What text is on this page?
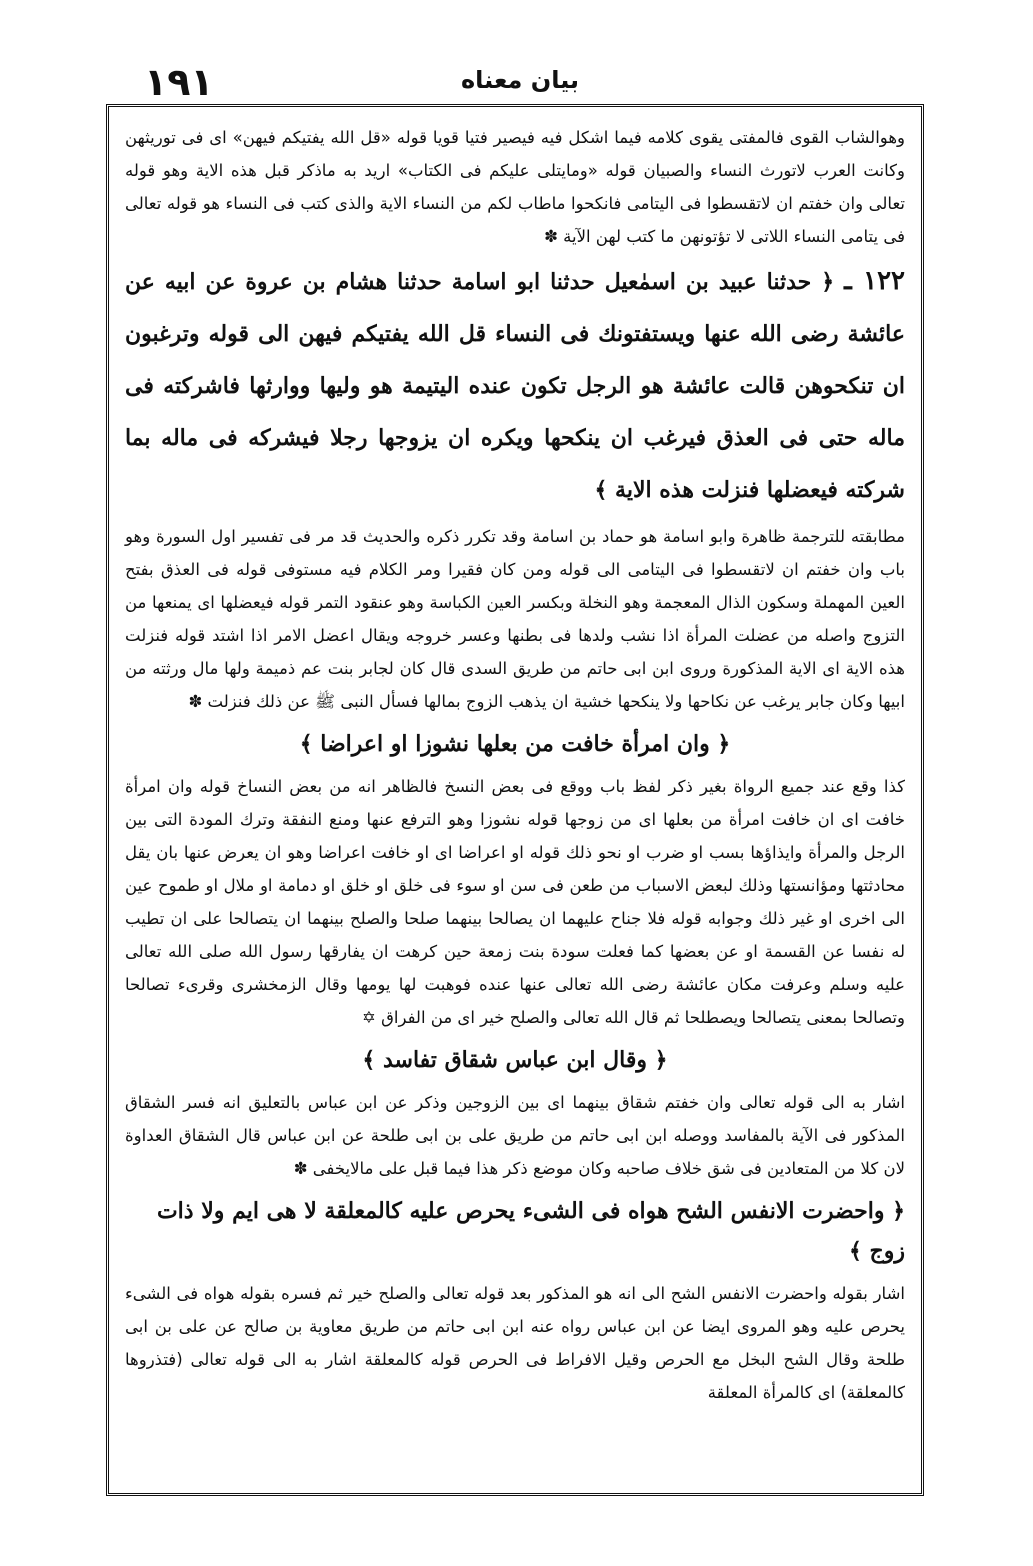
١٩١	بيان معناه

وهوالشاب القوی فالمفتی يقوی كلامه فيما اشكل فيه فيصير فتيا قويا قوله «قل الله يفتيكم فيهن» ای فی توريثهن وكانت العرب لاتورث النساء والصبيان قوله «ومايتلی عليكم فی الكتاب» اريد به ماذكر قبل هذه الاية وهو قوله تعالی وان خفتم ان لاتقسطوا فی اليتامی فانكحوا ماطاب لكم من النساء الاية والذی كتب فی النساء هو قوله تعالی فی يتامی النساء اللاتی لا تؤتونهن ما كتب لهن الآية ✽

١٢٢ ـ ﴿ حدثنا عبيد بن اسمٰعيل حدثنا ابو اسامة حدثنا هشام بن عروة عن ابيه عن عائشة رضی الله عنها ويستفتونك فی النساء قل الله يفتيكم فيهن الی قوله وترغبون ان تنكحوهن قالت عائشة هو الرجل تكون عنده اليتيمة هو وليها ووارثها فاشركته فی ماله حتی فی العذق فيرغب ان ينكحها ويكره ان يزوجها رجلا فيشركه فی ماله بما شركته فيعضلها فنزلت هذه الاية ﴾

مطابقته للترجمة ظاهرة وابو اسامة هو حماد بن اسامة وقد تكرر ذكره والحديث قد مر فی تفسير اول السورة وهو باب وان خفتم ان لاتقسطوا فی اليتامی الی قوله ومن كان فقيرا ومر الكلام فيه مستوفی قوله فی العذق بفتح العين المهملة وسكون الذال المعجمة وهو النخلة وبكسر العين الكباسة وهو عنقود التمر قوله فيعضلها ای يمنعها من التزوج واصله من عضلت المرأة اذا نشب ولدها فی بطنها وعسر خروجه ويقال اعضل الامر اذا اشتد قوله فنزلت هذه الاية ای الاية المذكورة وروی ابن ابی حاتم من طريق السدی قال كان لجابر بنت عم ذميمة ولها مال ورثته من ابيها وكان جابر يرغب عن نكاحها ولا ينكحها خشية ان يذهب الزوج بمالها فسأل النبی ﷺ عن ذلك فنزلت ✽

﴿ وان امرأة خافت من بعلها نشوزا او اعراضا ﴾

كذا وقع عند جميع الرواة بغير ذكر لفظ باب ووقع فی بعض النسخ فالظاهر انه من بعض النساخ قوله وان امرأة خافت ای ان خافت امرأة من بعلها ای من زوجها قوله نشوزا وهو الترفع عنها ومنع النفقة وترك المودة التی بين الرجل والمرأة وايذاؤها بسب او ضرب او نحو ذلك قوله او اعراضا ای او خافت اعراضا وهو ان يعرض عنها بان يقل محادثتها ومؤانستها وذلك لبعض الاسباب من طعن فی سن او سوء فی خلق او خلق او دمامة او ملال او طموح عين الی اخری او غير ذلك وجوابه قوله فلا جناح عليهما ان يصالحا بينهما صلحا والصلح بينهما ان يتصالحا علی ان تطيب له نفسا عن القسمة او عن بعضها كما فعلت سودة بنت زمعة حين كرهت ان يفارقها رسول الله صلی الله تعالی عليه وسلم وعرفت مكان عائشة رضی الله تعالی عنها عنده فوهبت لها يومها وقال الزمخشری وقریء تصالحا وتصالحا بمعنی يتصالحا ويصطلحا ثم قال الله تعالی والصلح خير ای من الفراق ✡

﴿ وقال ابن عباس شقاق تفاسد ﴾

اشار به الی قوله تعالی وان خفتم شقاق بينهما ای بين الزوجين وذكر عن ابن عباس بالتعليق انه فسر الشقاق المذكور فی الآية بالمفاسد ووصله ابن ابی حاتم من طريق علی بن ابی طلحة عن ابن عباس قال الشقاق العداوة لان كلا من المتعادين فی شق خلاف صاحبه وكان موضع ذكر هذا فيما قبل علی مالايخفی ✽

﴿ واحضرت الانفس الشح هواه فی الشیء يحرص عليه كالمعلقة لا هی ايم ولا ذات زوج ﴾

اشار بقوله واحضرت الانفس الشح الی انه هو المذكور بعد قوله تعالی والصلح خير ثم فسره بقوله هواه فی الشیء يحرص عليه وهو المروی ايضا عن ابن عباس رواه عنه ابن ابی حاتم من طريق معاوية بن صالح عن علی بن ابی طلحة وقال الشح البخل مع الحرص وقيل الافراط فی الحرص قوله كالمعلقة اشار به الی قوله تعالی (فتذروها كالمعلقة) ای كالمرأة المعلقة
